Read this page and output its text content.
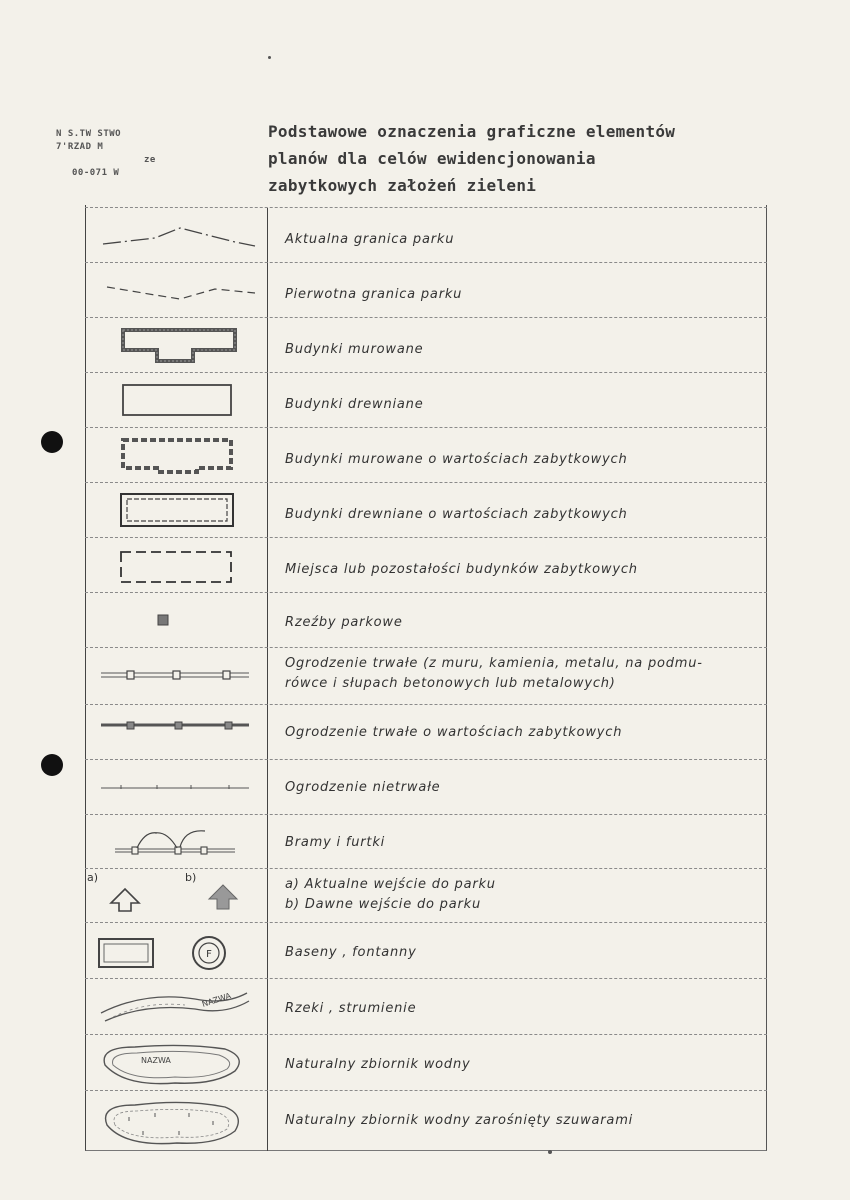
N S.TW STWO
7'RZAD M
ze
00-071 W
Podstawowe oznaczenia graficzne elementów
planów dla celów ewidencjonowania
zabytkowych założeń zieleni
Aktualna granica parku
Pierwotna granica parku
Budynki murowane
Budynki drewniane
Budynki murowane o wartościach zabytkowych
Budynki drewniane o wartościach zabytkowych
Miejsca lub pozostałości budynków zabytkowych
Rzeźby parkowe
Ogrodzenie trwałe (z muru, kamienia, metalu, na podmu-
rówce i słupach betonowych lub metalowych)
Ogrodzenie trwałe o wartościach zabytkowych
Ogrodzenie nietrwałe
Bramy i furtki
a)	b)	a) Aktualne wejście do parku
b) Dawne wejście do parku
F	Baseny , fontanny
NAZWA	Rzeki , strumienie
NAZWA	Naturalny zbiornik wodny
Naturalny zbiornik wodny zarośnięty szuwarami
